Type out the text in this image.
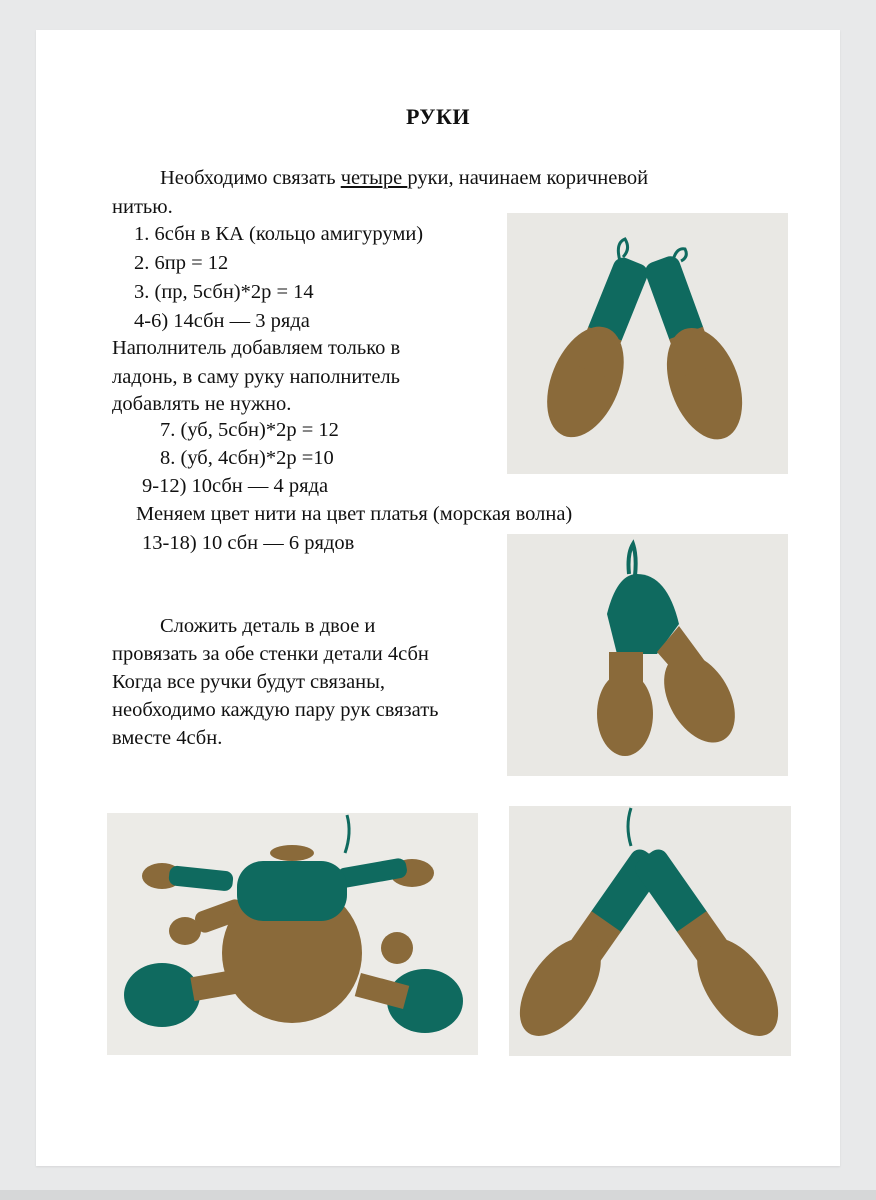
РУКИ
Необходимо связать четыре руки, начинаем коричневой
нитью.
1. 6сбн в КА (кольцо амигуруми)
2. 6пр = 12
3. (пр, 5сбн)*2р = 14
4-6) 14сбн — 3 ряда
Наполнитель добавляем только в
ладонь, в саму руку наполнитель
добавлять не нужно.
7. (уб, 5сбн)*2р = 12
8. (уб, 4сбн)*2р =10
9-12) 10сбн — 4 ряда
Меняем цвет нити на цвет платья (морская волна)
13-18) 10 сбн — 6 рядов
Сложить деталь в двое и
провязать за обе стенки детали 4сбн
Когда все ручки будут связаны,
необходимо каждую пару рук связать
вместе 4сбн.
